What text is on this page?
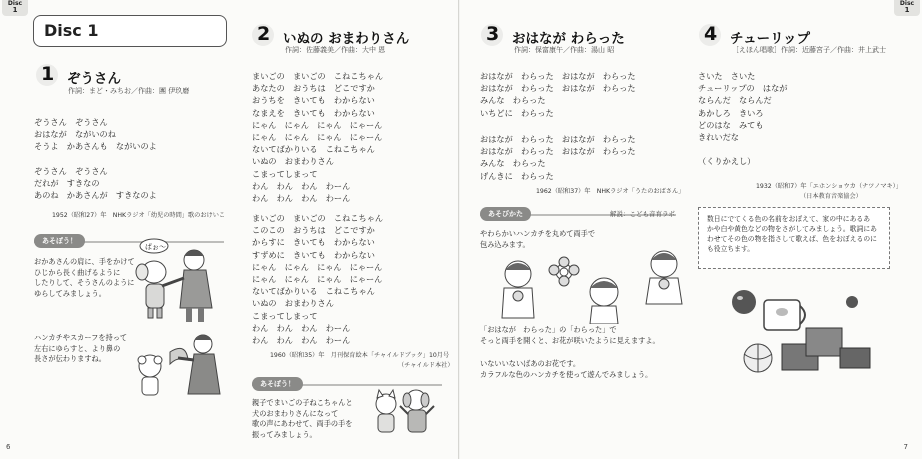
Disc
1
Disc 1
1 ぞうさん
作詞：まど・みちお／作曲：團 伊玖磨
ぞうさん　ぞうさん
おはなが　ながいのね
そうよ　かあさんも　ながいのよ

ぞうさん　ぞうさん
だれが　すきなの
あのね　かあさんが　すきなのよ
1952（昭和27）年　NHKラジオ「幼児の時間」歌のおけいこ
あそぼう！
おかあさんの肩に、手をかけて
ひじから長く曲げるように
したりして、そうさんのように
ゆらしてみましょう。
ハンカチやスカーフを持って
左右にゆらすと、より鼻の
長さが伝わりますね。
ぱぉ～
2 いぬの おまわりさん
作詞：佐藤義美／作曲：大中 恩
まいごの　まいごの　こねこちゃん
あなたの　おうちは　どこですか
おうちを　きいても　わからない
なまえを　きいても　わからない
にゃん　にゃん　にゃん　にゃーん
にゃん　にゃん　にゃん　にゃーん
ないてばかりいる　こねこちゃん
いぬの　おまわりさん
こまってしまって
わん　わん　わん　わーん
わん　わん　わん　わーん
まいごの　まいごの　こねこちゃん
このこの　おうちは　どこですか
からすに　きいても　わからない
すずめに　きいても　わからない
にゃん　にゃん　にゃん　にゃーん
にゃん　にゃん　にゃん　にゃーん
ないてばかりいる　こねこちゃん
いぬの　おまわりさん
こまってしまって
わん　わん　わん　わーん
わん　わん　わん　わーん
1960（昭和35）年　月刊保育絵本「チャイルドブック」10月号
（チャイルド本社）
あそぼう！
親子でまいごの子ねこちゃんと
犬のおまわりさんになって
歌の声にあわせて、両手の手を
振ってみましょう。
6
Disc
1
3 おはなが わらった
作詞：保富康午／作曲：湯山 昭
おはなが　わらった　おはなが　わらった
おはなが　わらった　おはなが　わらった
みんな　わらった
いちどに　わらった
おはなが　わらった　おはなが　わらった
おはなが　わらった　おはなが　わらった
みんな　わらった
げんきに　わらった
1962（昭和37）年　NHKラジオ「うたのおばさん」
あそびかた	解説：こども音育ラボ
やわらかいハンカチを丸めて両手で
包み込みます。
「おはなが　わらった」の「わらった」で
そっと両手を開くと、お花が咲いたように見えますよ。
いないいないばあのお花です。
カラフルな色のハンカチを使って遊んでみましょう。
4 チューリップ
［えほん唱歌］作詞：近藤宮子／作曲：井上武士
さいた　さいた
チューリップの　はなが
ならんだ　ならんだ
あかしろ　きいろ
どのはな　みても
きれいだな

（くりかえし）
1932（昭和7）年「エホンショウカ（ナツノマキ）」
（日本教育音楽協会）
数日にでてくる色の名前をおぼえて、家の中にあるあ
かや白や黄色などの物をさがしてみましょう。歌詞にあ
わせてその色の物を指さして歌えば、色をおぼえるのに
も役立ちます。
7
